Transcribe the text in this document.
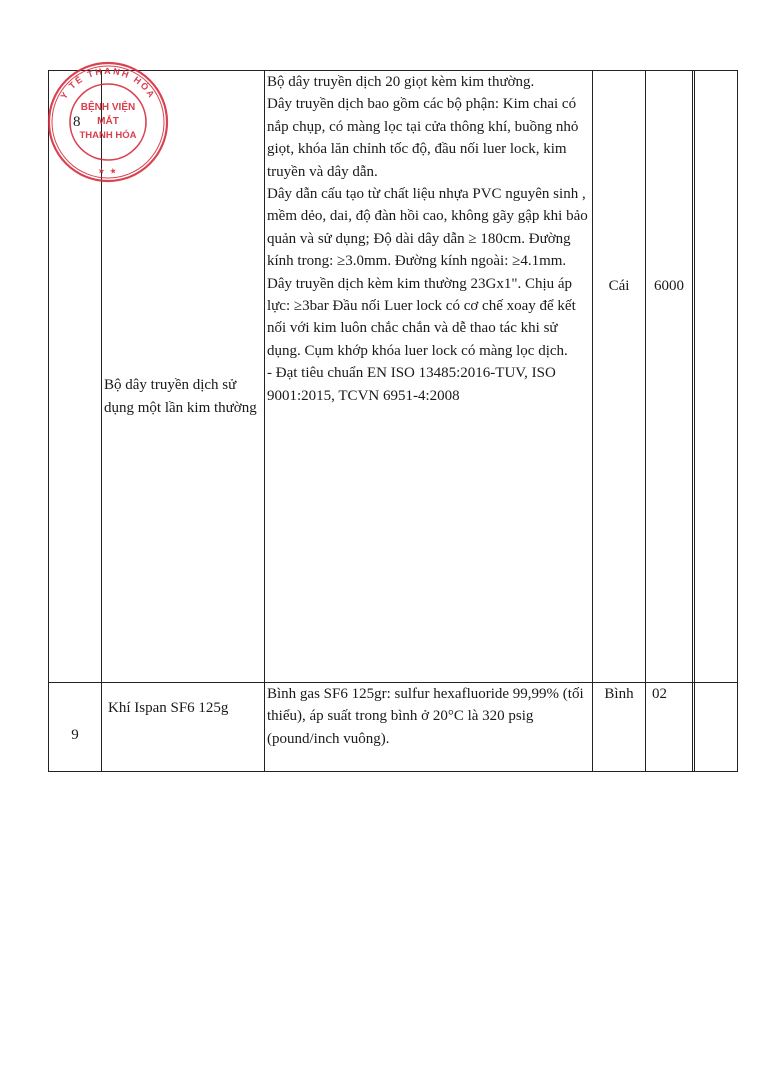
8	Bộ dây truyền dịch sử dụng một lần kim thường	Bộ dây truyền dịch 20 giọt kèm kim thường.

Dây truyền dịch bao gồm các bộ phận: Kim chai có nắp chụp, có màng lọc tại cửa thông khí, buồng nhỏ giọt, khóa lăn chỉnh tốc độ, đầu nối luer lock, kim truyền và dây dẫn.

Dây dẫn cấu tạo từ chất liệu nhựa PVC nguyên sinh , mềm dẻo, dai, độ đàn hồi cao, không gãy gập khi bảo quản và sử dụng; Độ dài dây dẫn ≥ 180cm. Đường kính trong: ≥3.0mm. Đường kính ngoài: ≥4.1mm. Dây truyền dịch kèm kim thường 23Gx1". Chịu áp lực: ≥3bar Đầu nối Luer lock có cơ chế xoay để kết nối với kim luôn chắc chắn và dễ thao tác khi sử dụng. Cụm khớp khóa luer lock có màng lọc dịch.

- Đạt tiêu chuẩn EN ISO 13485:2016-TUV, ISO 9001:2015, TCVN 6951-4:2008	Cái	6000		
9	Khí Ispan SF6 125g	Bình gas SF6 125gr: sulfur hexafluoride 99,99% (tối thiểu), áp suất trong bình ở 20°C là 320 psig (pound/inch vuông).	Bình	02		
Y TẾ THANH HÓA
★ ★
BỆNH VIỆN
MẮT
THANH HÓA
